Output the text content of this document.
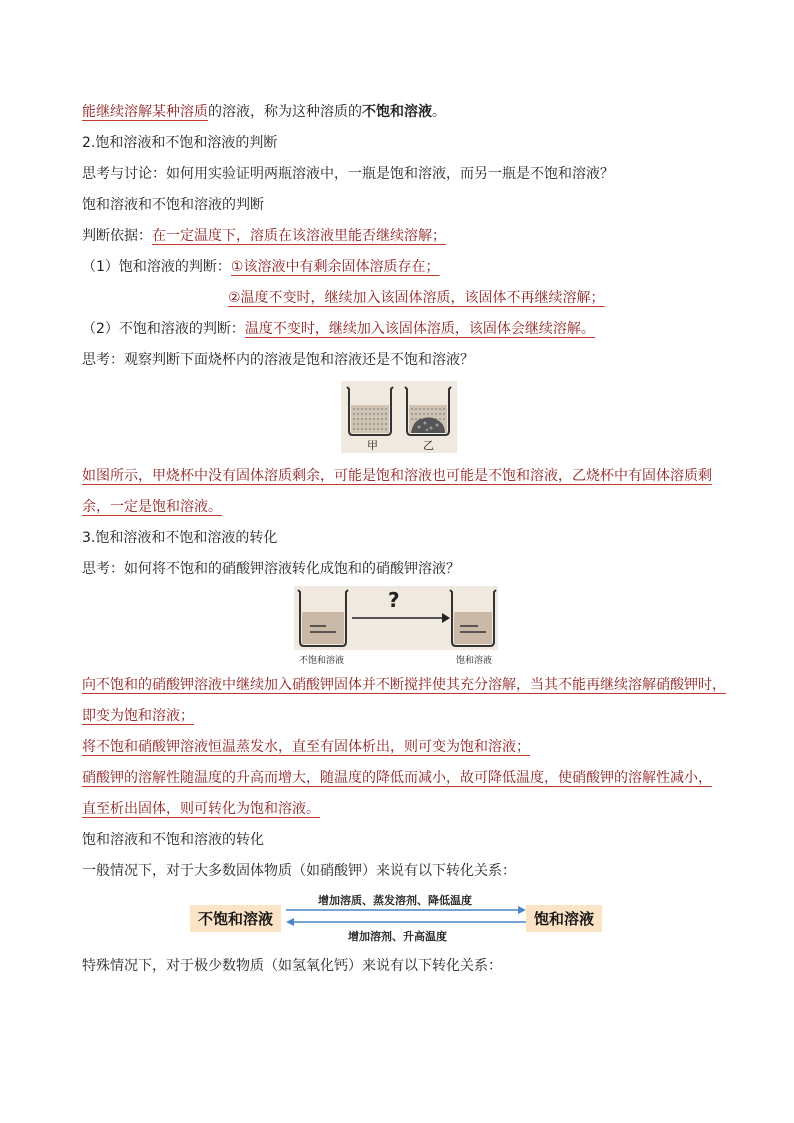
能继续溶解某种溶质的溶液，称为这种溶质的不饱和溶液。
2.饱和溶液和不饱和溶液的判断
思考与讨论：如何用实验证明两瓶溶液中，一瓶是饱和溶液，而另一瓶是不饱和溶液？
饱和溶液和不饱和溶液的判断
判断依据：在一定温度下，溶质在该溶液里能否继续溶解；
（1）饱和溶液的判断：①该溶液中有剩余固体溶质存在；
②温度不变时，继续加入该固体溶质，该固体不再继续溶解；
（2）不饱和溶液的判断：温度不变时，继续加入该固体溶质，该固体会继续溶解。
思考：观察判断下面烧杯内的溶液是饱和溶液还是不饱和溶液？
甲	乙
如图所示，甲烧杯中没有固体溶质剩余，可能是饱和溶液也可能是不饱和溶液，乙烧杯中有固体溶质剩
余，一定是饱和溶液。
3.饱和溶液和不饱和溶液的转化
思考：如何将不饱和的硝酸钾溶液转化成饱和的硝酸钾溶液？
?
不饱和溶液	饱和溶液
向不饱和的硝酸钾溶液中继续加入硝酸钾固体并不断搅拌使其充分溶解，当其不能再继续溶解硝酸钾时，
即变为饱和溶液；
将不饱和硝酸钾溶液恒温蒸发水，直至有固体析出，则可变为饱和溶液；
硝酸钾的溶解性随温度的升高而增大，随温度的降低而减小，故可降低温度，使硝酸钾的溶解性减小，
直至析出固体，则可转化为饱和溶液。
饱和溶液和不饱和溶液的转化
一般情况下，对于大多数固体物质（如硝酸钾）来说有以下转化关系：
不饱和溶液	饱和溶液
增加溶质、蒸发溶剂、降低温度
增加溶剂、升高温度
特殊情况下，对于极少数物质（如氢氧化钙）来说有以下转化关系：
